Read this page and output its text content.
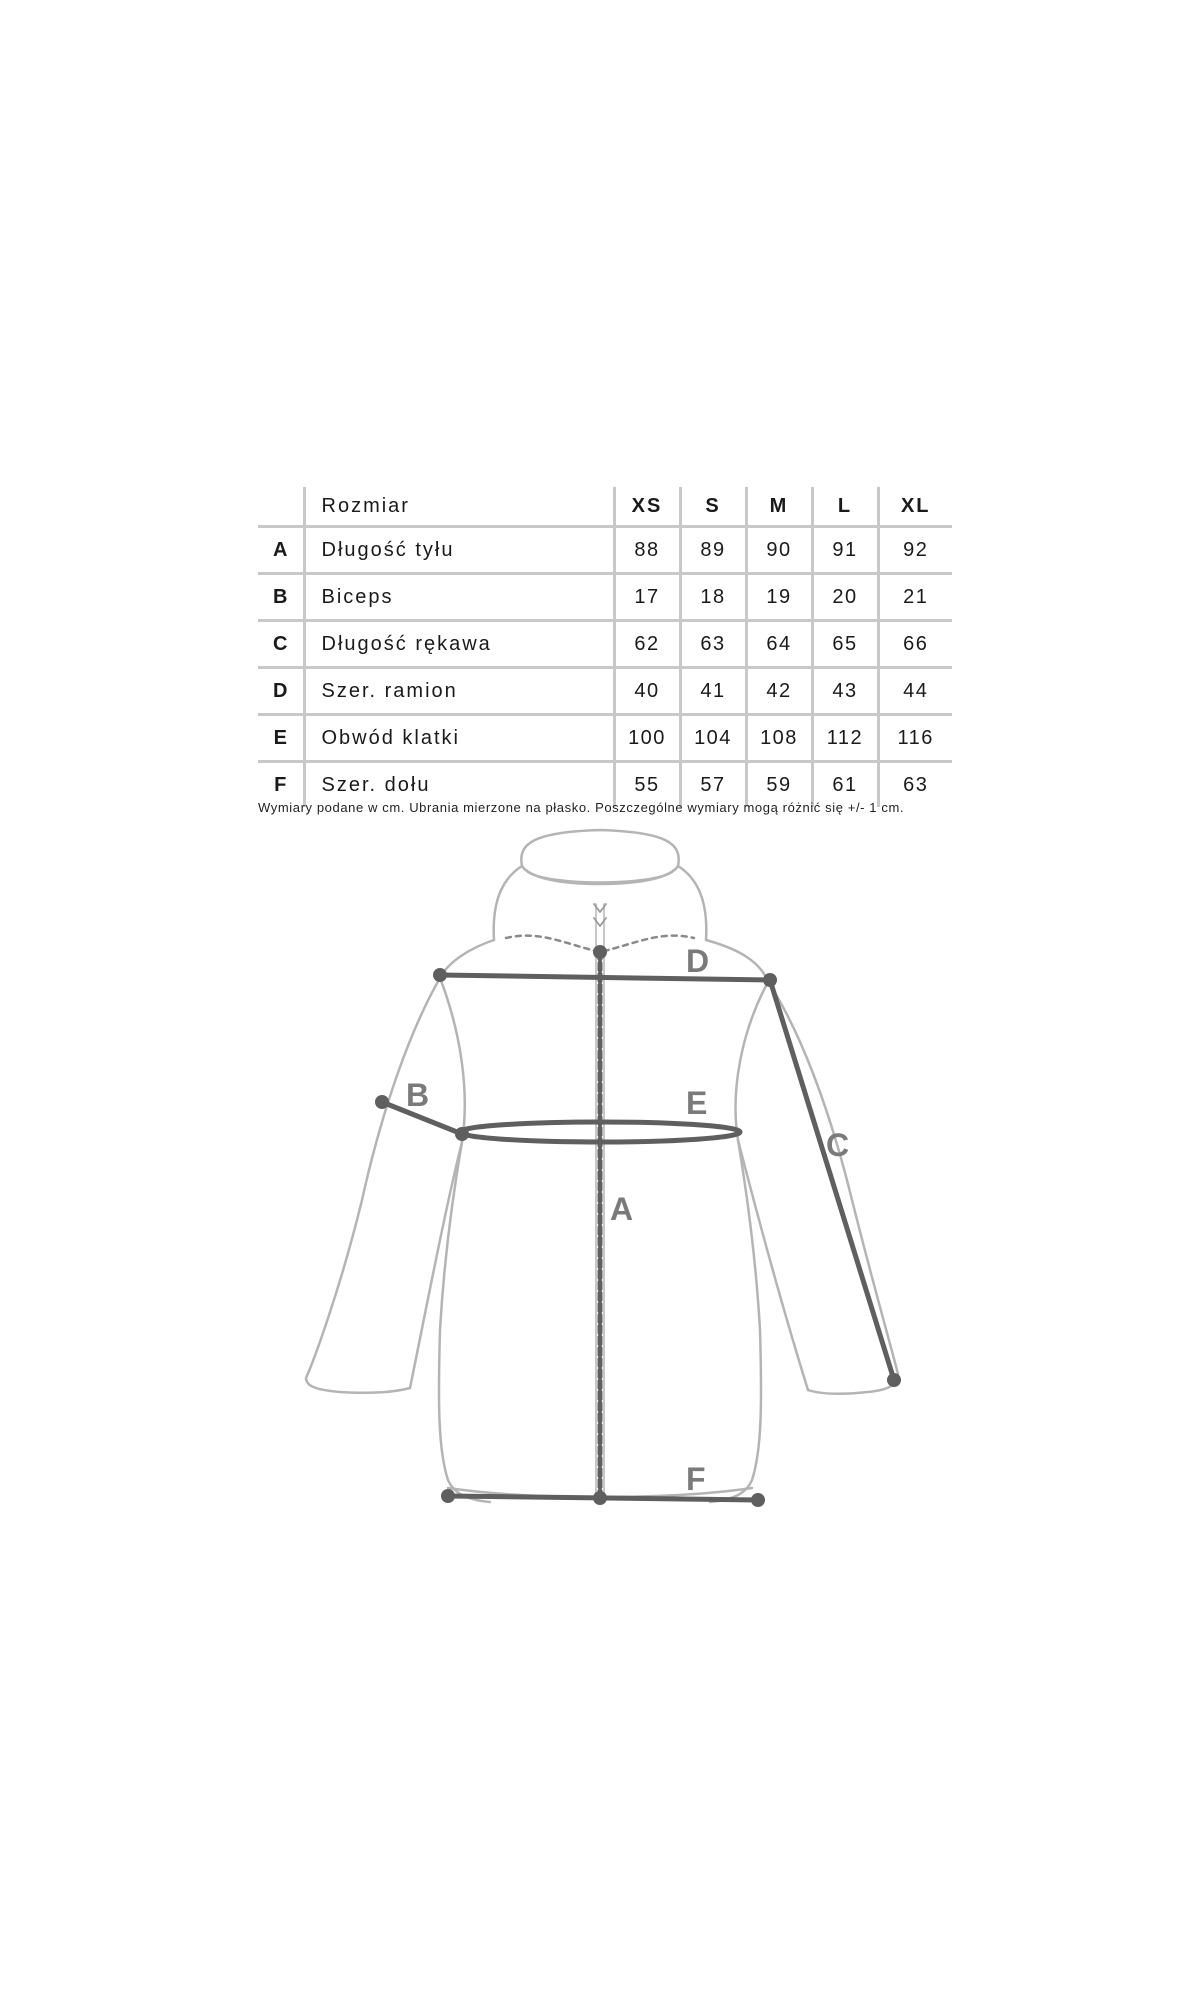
	Rozmiar	XS	S	M	L	XL
A	Długość tyłu	88	89	90	91	92
B	Biceps	17	18	19	20	21
C	Długość rękawa	62	63	64	65	66
D	Szer. ramion	40	41	42	43	44
E	Obwód klatki	100	104	108	112	116
F	Szer. dołu	55	57	59	61	63
Wymiary podane w cm. Ubrania mierzone na płasko. Poszczególne wymiary mogą różnić się +/- 1 cm.
A
B
C
D
E
F
